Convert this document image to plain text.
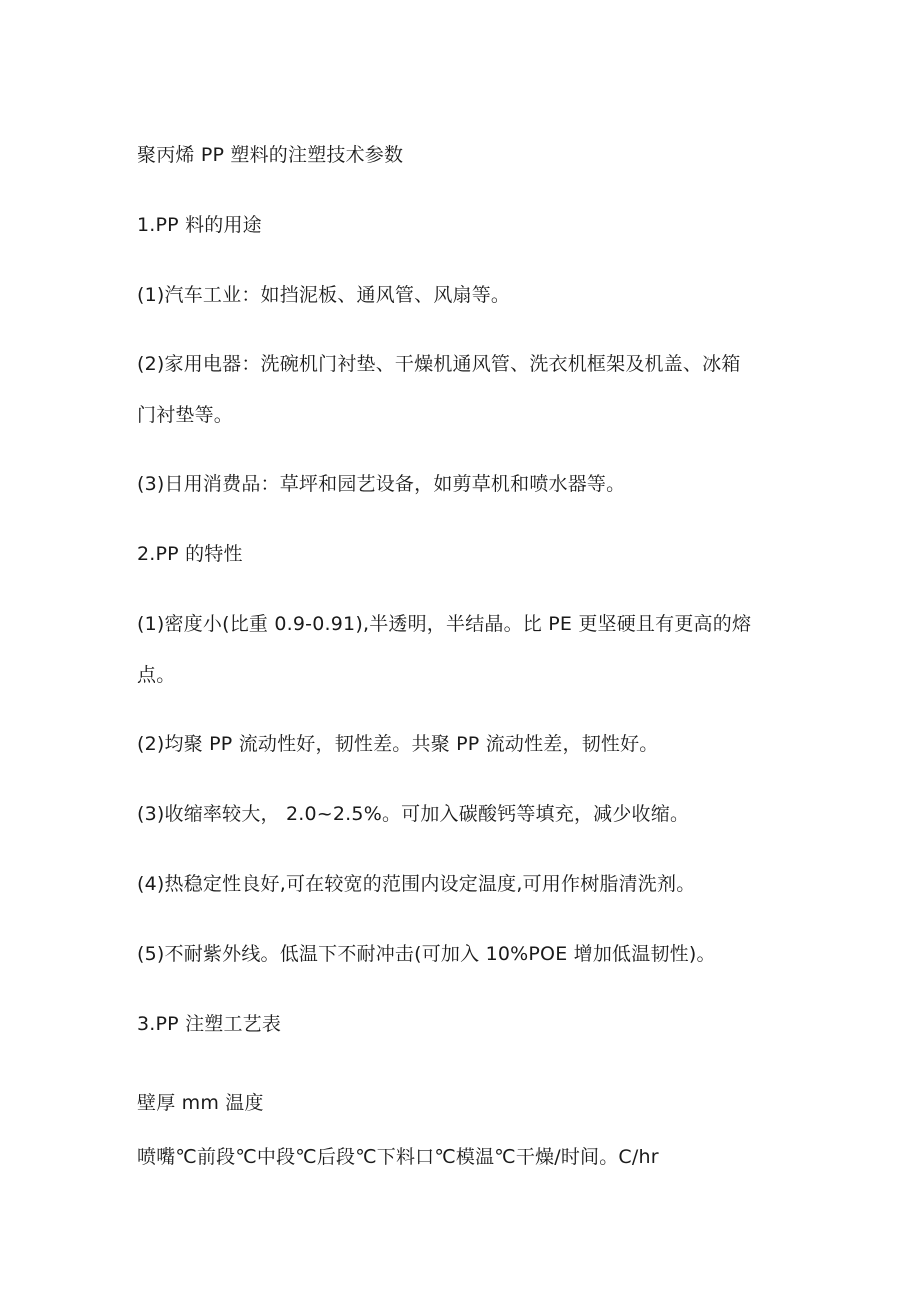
聚丙烯 PP 塑料的注塑技术参数
1.PP 料的用途
(1)汽车工业：如挡泥板、通风管、风扇等。
(2)家用电器：洗碗机门衬垫、干燥机通风管、洗衣机框架及机盖、冰箱
门衬垫等。
(3)日用消费品：草坪和园艺设备，如剪草机和喷水器等。
2.PP 的特性
(1)密度小(比重 0.9-0.91),半透明，半结晶。比 PE 更坚硬且有更高的熔
点。
(2)均聚 PP 流动性好，韧性差。共聚 PP 流动性差，韧性好。
(3)收缩率较大， 2.0~2.5%。可加入碳酸钙等填充，减少收缩。
(4)热稳定性良好,可在较宽的范围内设定温度,可用作树脂清洗剂。
(5)不耐紫外线。低温下不耐冲击(可加入 10%POE 增加低温韧性)。
3.PP 注塑工艺表
壁厚 mm 温度
喷嘴℃前段℃中段℃后段℃下料口℃模温℃干燥/时间。C/hr
